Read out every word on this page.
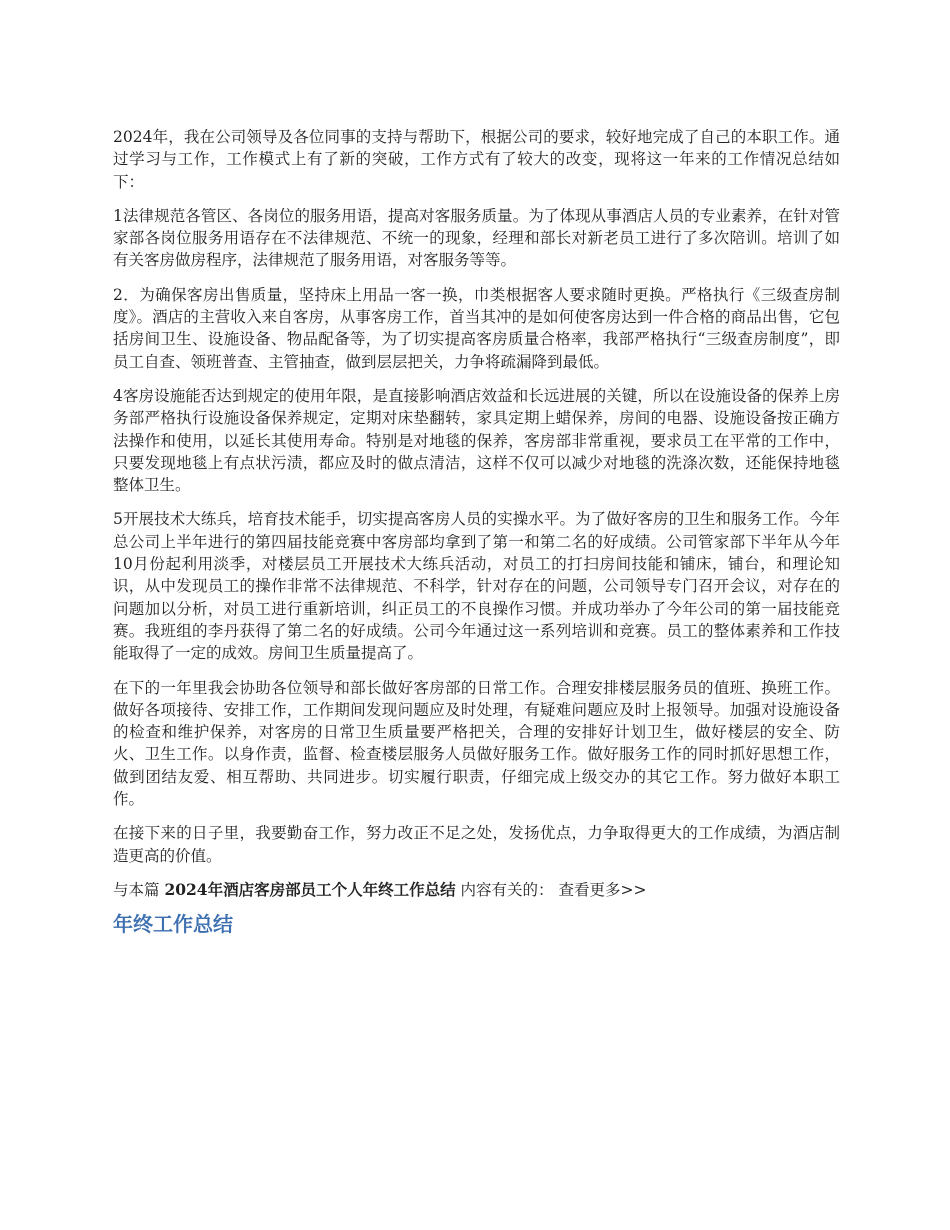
2024年，我在公司领导及各位同事的支持与帮助下，根据公司的要求，较好地完成了自己的本职工作。通过学习与工作，工作模式上有了新的突破，工作方式有了较大的改变，现将这一年来的工作情况总结如下：

1法律规范各管区、各岗位的服务用语，提高对客服务质量。为了体现从事酒店人员的专业素养，在针对管家部各岗位服务用语存在不法律规范、不统一的现象，经理和部长对新老员工进行了多次陪训。培训了如有关客房做房程序，法律规范了服务用语，对客服务等等。

2．为确保客房出售质量，坚持床上用品一客一换，巾类根据客人要求随时更换。严格执行《三级查房制度》。酒店的主营收入来自客房，从事客房工作，首当其冲的是如何使客房达到一件合格的商品出售，它包括房间卫生、设施设备、物品配备等，为了切实提高客房质量合格率，我部严格执行“三级查房制度”，即员工自查、领班普查、主管抽查，做到层层把关，力争将疏漏降到最低。

4客房设施能否达到规定的使用年限，是直接影响酒店效益和长远进展的关键，所以在设施设备的保养上房务部严格执行设施设备保养规定，定期对床垫翻转，家具定期上蜡保养，房间的电器、设施设备按正确方法操作和使用，以延长其使用寿命。特别是对地毯的保养，客房部非常重视，要求员工在平常的工作中，只要发现地毯上有点状污渍，都应及时的做点清洁，这样不仅可以减少对地毯的洗涤次数，还能保持地毯整体卫生。

5开展技术大练兵，培育技术能手，切实提高客房人员的实操水平。为了做好客房的卫生和服务工作。今年总公司上半年进行的第四届技能竞赛中客房部均拿到了第一和第二名的好成绩。公司管家部下半年从今年10月份起利用淡季，对楼层员工开展技术大练兵活动，对员工的打扫房间技能和铺床，铺台，和理论知识，从中发现员工的操作非常不法律规范、不科学，针对存在的问题，公司领导专门召开会议，对存在的问题加以分析，对员工进行重新培训，纠正员工的不良操作习惯。并成功举办了今年公司的第一届技能竞赛。我班组的李丹获得了第二名的好成绩。公司今年通过这一系列培训和竞赛。员工的整体素养和工作技能取得了一定的成效。房间卫生质量提高了。

在下的一年里我会协助各位领导和部长做好客房部的日常工作。合理安排楼层服务员的值班、换班工作。做好各项接待、安排工作，工作期间发现问题应及时处理，有疑难问题应及时上报领导。加强对设施设备的检查和维护保养，对客房的日常卫生质量要严格把关，合理的安排好计划卫生，做好楼层的安全、防火、卫生工作。以身作责，监督、检查楼层服务人员做好服务工作。做好服务工作的同时抓好思想工作，做到团结友爱、相互帮助、共同进步。切实履行职责，仔细完成上级交办的其它工作。努力做好本职工作。

在接下来的日子里，我要勤奋工作，努力改正不足之处，发扬优点，力争取得更大的工作成绩，为酒店制造更高的价值。

与本篇 2024年酒店客房部员工个人年终工作总结 内容有关的： 查看更多>>

年终工作总结
